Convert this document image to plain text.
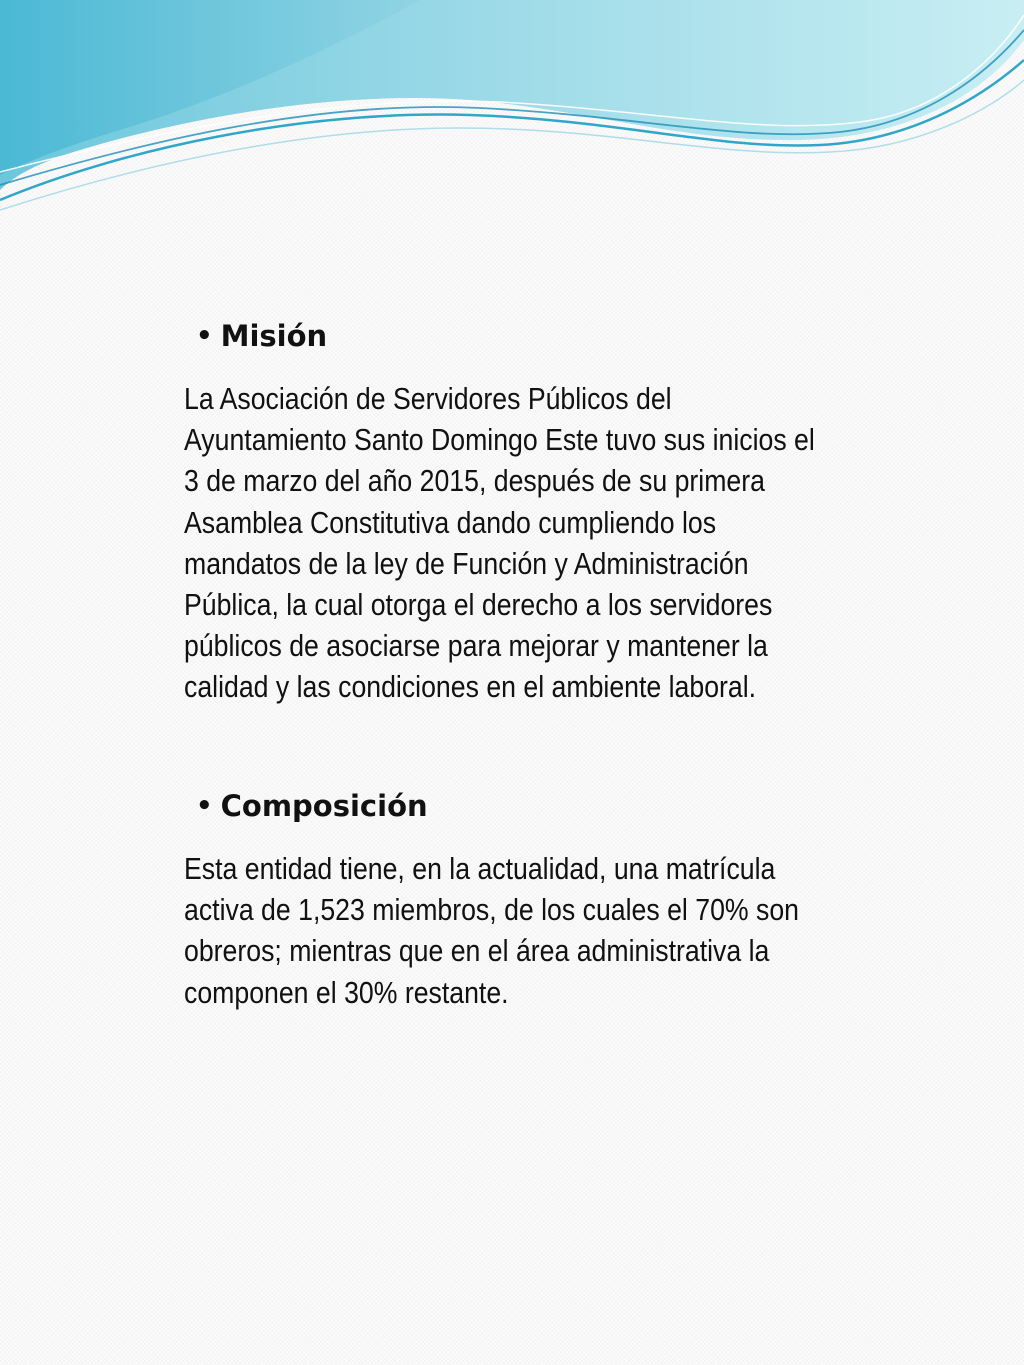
• Misión

La Asociación de Servidores Públicos del
Ayuntamiento Santo Domingo Este tuvo sus inicios el
3 de marzo del año 2015, después de su primera
Asamblea Constitutiva dando cumpliendo los
mandatos de la ley de Función y Administración
Pública, la cual otorga el derecho a los servidores
públicos de asociarse para mejorar y mantener la
calidad y las condiciones en el ambiente laboral.

• Composición

Esta entidad tiene, en la actualidad, una matrícula
activa de 1,523 miembros, de los cuales el 70% son
obreros; mientras que en el área administrativa la
componen el 30% restante.
